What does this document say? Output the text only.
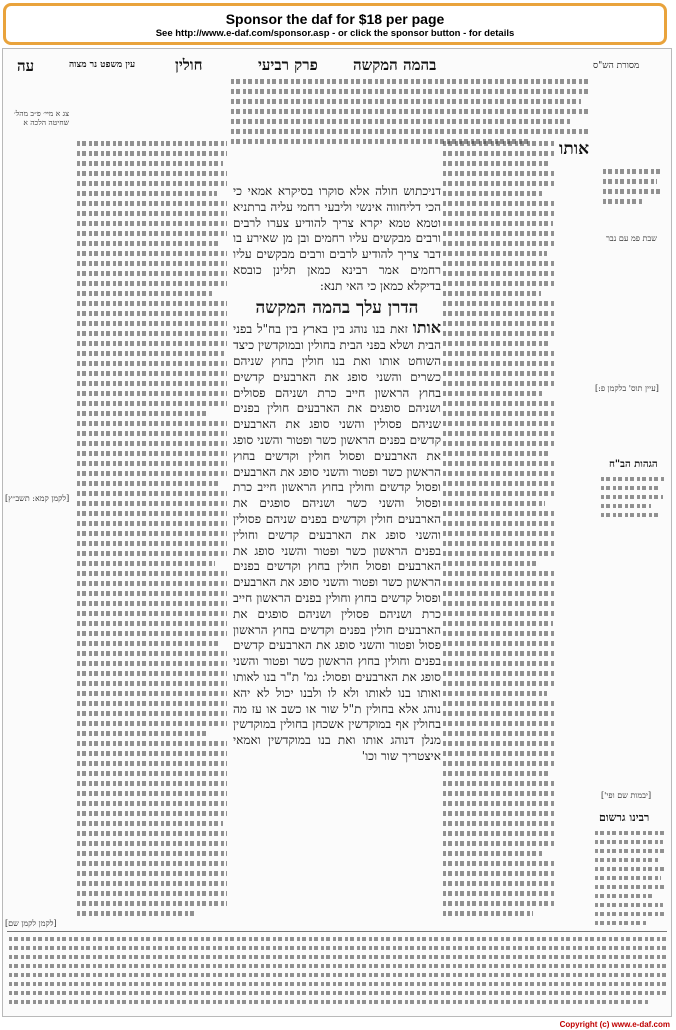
Sponsor the daf for $18 per page
See http://www.e-daf.com/sponsor.asp - or click the sponsor button - for details
עה	עין משפט נר מצוה	חולין	פרק רביעי בהמה המקשה	מסורת הש"ס
שבת פמ עם נבר
[עיין תוס' בלקמן פ:]
[יבמות שם ופי']
הגהות הב"ח
רבינו גרשום
אותו
דניכתוש חולה אלא סוקרו בסיקרא אמאי כי הכי דליחווה אינשי וליבעי רחמי עליה ברתניא וטמא טמא יקרא צריך להודיע צערו לרבים ורבים מבקשים עליו רחמים ובן מן שאירע בו דבר צריך להודיע לרבים ורבים מבקשים עליו רחמים אמר רבינא כמאן תלינן כובסא בדיקלא כמאן כי האי תנא:
הדרן עלך בהמה המקשה
אותו זאת בנו נוהג בין בארץ בין בח"ל בפני הבית ושלא בפני הבית בחולין ובמוקדשין כיצד השוחט אותו ואת בנו חולין בחוץ שניהם כשרים והשני סופג את הארבעים קדשים בחוץ הראשון חייב כרת ושניהם פסולים ושניהם סופגים את הארבעים חולין בפנים שניהם פסולין והשני סופג את הארבעים קדשים בפנים הראשון כשר ופטור והשני סופג את הארבעים ופסול חולין וקדשים בחוץ הראשון כשר ופטור והשני סופג את הארבעים ופסול קדשים וחולין בחוץ הראשון חייב כרת ופסול והשני כשר ושניהם סופגים את הארבעים חולין וקדשים בפנים שניהם פסולין והשני סופג את הארבעים קדשים וחולין בפנים הראשון כשר ופטור והשני סופג את הארבעים ופסול חולין בחוץ וקדשים בפנים הראשון כשר ופטור והשני סופג את הארבעים ופסול קדשים בחוץ וחולין בפנים הראשון חייב כרת ושניהם פסולין ושניהם סופגים את הארבעים חולין בפנים וקדשים בחוץ הראשון פסול ופטור והשני סופג את הארבעים קדשים בפנים וחולין בחוץ הראשון כשר ופטור והשני סופג את הארבעים ופסול: גמ' ת"ר בנו לאותו ואותו בנו לאותו ולא לו ולבנו יכול לא יהא נוהג אלא בחולין ת"ל שור או כשב או עז מה בחולין אף במוקדשין אשכחן בחולין במוקדשין מנלן דנוהג אותו ואת בנו במוקדשין ואמאי איצטריך שור וכו'
צג א מיי׳ פ״ב מהל׳ שחיטה הלכה א
[לקמן קמא: תשב״ץ]
[לקמן לקמן שם]
Copyright (c) www.e-daf.com
